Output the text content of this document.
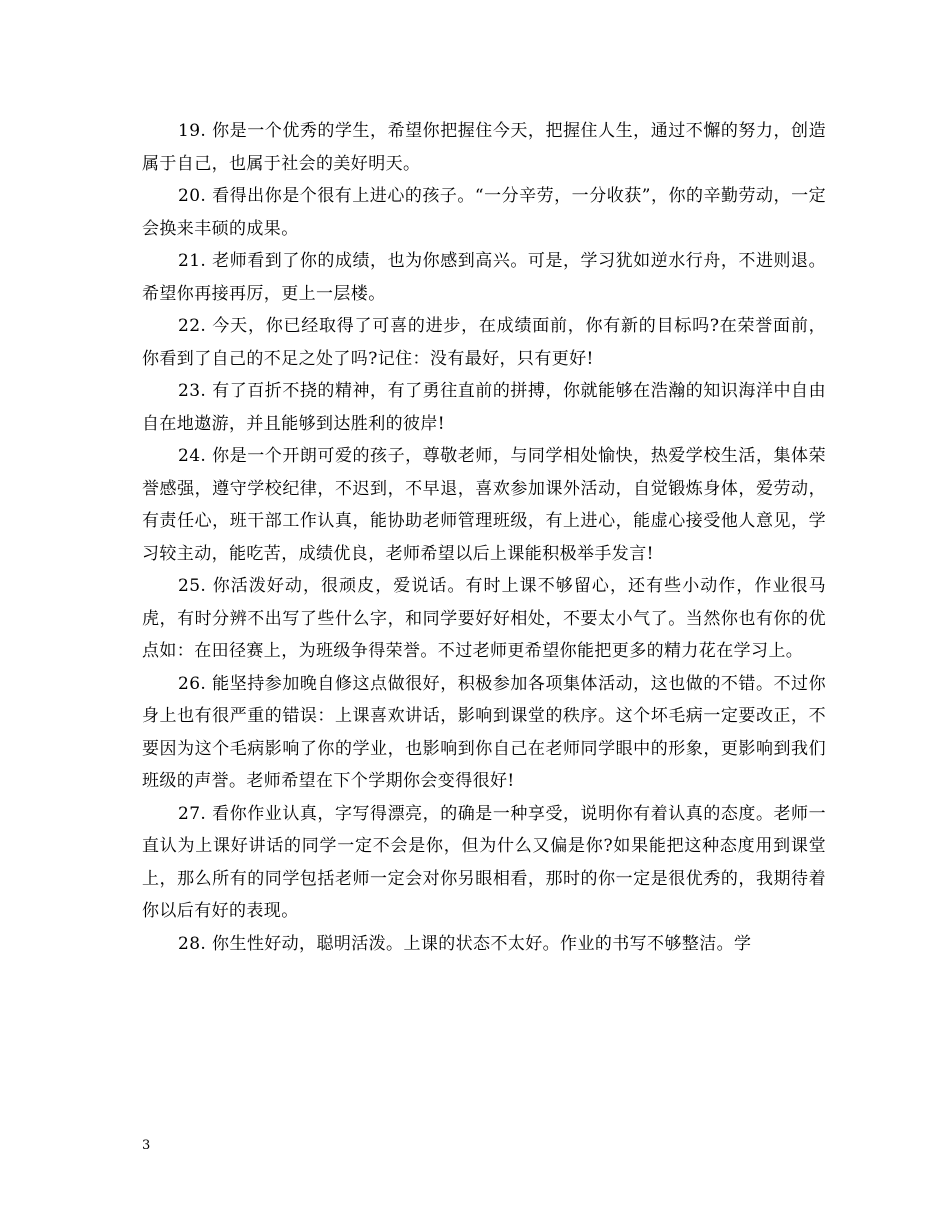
19. 你是一个优秀的学生，希望你把握住今天，把握住人生，通过不懈的努力，创造属于自己，也属于社会的美好明天。

20. 看得出你是个很有上进心的孩子。“一分辛劳，一分收获”，你的辛勤劳动，一定会换来丰硕的成果。

21. 老师看到了你的成绩，也为你感到高兴。可是，学习犹如逆水行舟，不进则退。希望你再接再厉，更上一层楼。

22. 今天，你已经取得了可喜的进步，在成绩面前，你有新的目标吗?在荣誉面前，你看到了自己的不足之处了吗?记住：没有最好，只有更好!

23. 有了百折不挠的精神，有了勇往直前的拼搏，你就能够在浩瀚的知识海洋中自由自在地遨游，并且能够到达胜利的彼岸!

24. 你是一个开朗可爱的孩子，尊敬老师，与同学相处愉快，热爱学校生活，集体荣誉感强，遵守学校纪律，不迟到，不早退，喜欢参加课外活动，自觉锻炼身体，爱劳动，有责任心，班干部工作认真，能协助老师管理班级，有上进心，能虚心接受他人意见，学习较主动，能吃苦，成绩优良，老师希望以后上课能积极举手发言!

25. 你活泼好动，很顽皮，爱说话。有时上课不够留心，还有些小动作，作业很马虎，有时分辨不出写了些什么字，和同学要好好相处，不要太小气了。当然你也有你的优点如：在田径赛上，为班级争得荣誉。不过老师更希望你能把更多的精力花在学习上。

26. 能坚持参加晚自修这点做很好，积极参加各项集体活动，这也做的不错。不过你身上也有很严重的错误：上课喜欢讲话，影响到课堂的秩序。这个坏毛病一定要改正，不要因为这个毛病影响了你的学业，也影响到你自己在老师同学眼中的形象，更影响到我们班级的声誉。老师希望在下个学期你会变得很好!

27. 看你作业认真，字写得漂亮，的确是一种享受，说明你有着认真的态度。老师一直认为上课好讲话的同学一定不会是你，但为什么又偏是你?如果能把这种态度用到课堂上，那么所有的同学包括老师一定会对你另眼相看，那时的你一定是很优秀的，我期待着你以后有好的表现。

28. 你生性好动，聪明活泼。上课的状态不太好。作业的书写不够整洁。学

3
